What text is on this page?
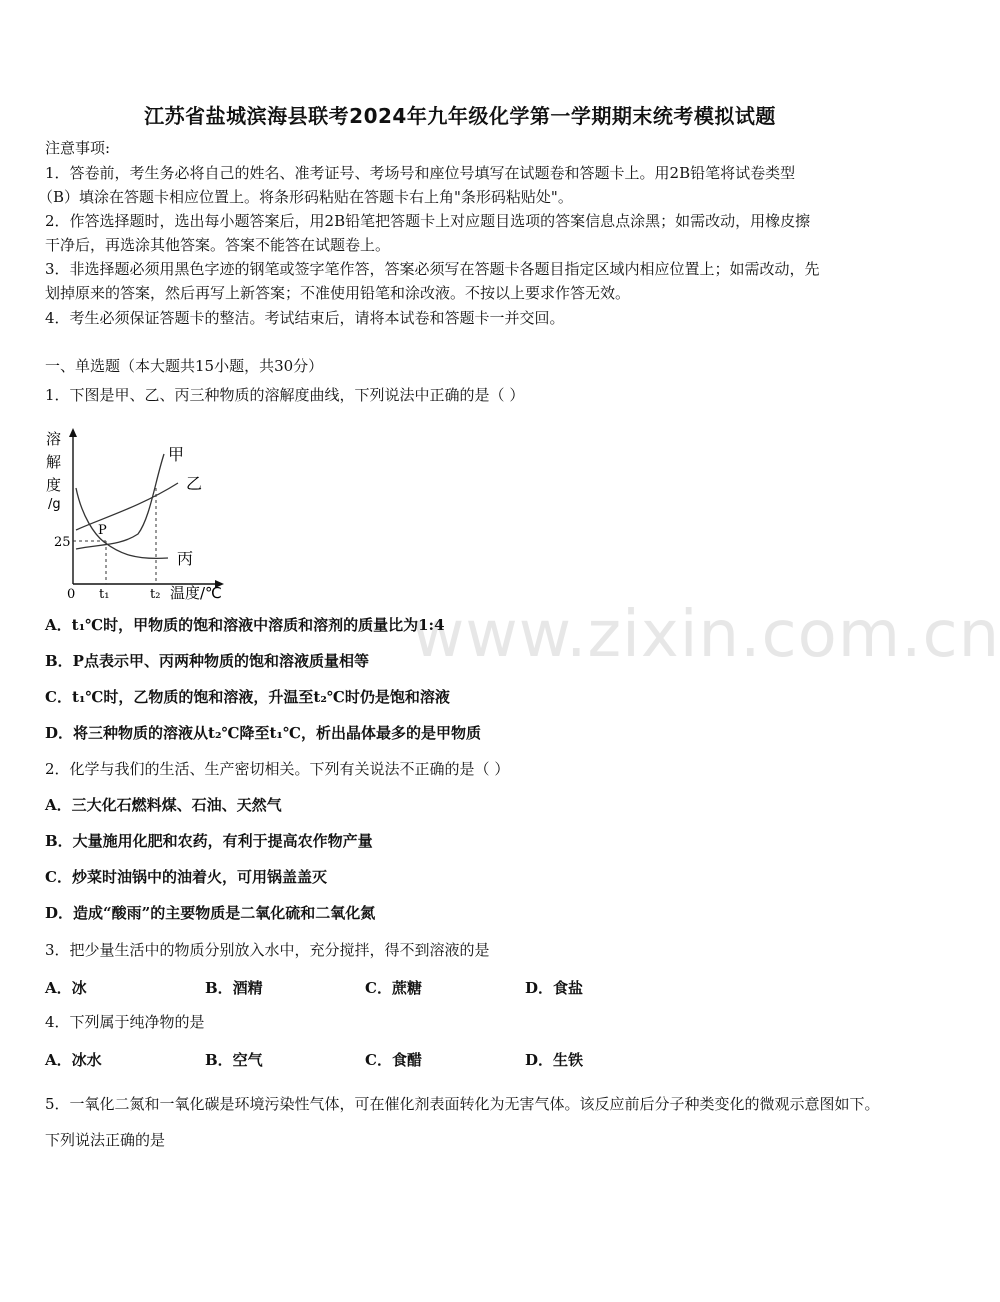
江苏省盐城滨海县联考2024年九年级化学第一学期期末统考模拟试题
注意事项:
1．答卷前，考生务必将自己的姓名、准考证号、考场号和座位号填写在试题卷和答题卡上。用2B铅笔将试卷类型
（B）填涂在答题卡相应位置上。将条形码粘贴在答题卡右上角"条形码粘贴处"。
2．作答选择题时，选出每小题答案后，用2B铅笔把答题卡上对应题目选项的答案信息点涂黑；如需改动，用橡皮擦
干净后，再选涂其他答案。答案不能答在试题卷上。
3．非选择题必须用黑色字迹的钢笔或签字笔作答，答案必须写在答题卡各题目指定区域内相应位置上；如需改动，先
划掉原来的答案，然后再写上新答案；不准使用铅笔和涂改液。不按以上要求作答无效。
4．考生必须保证答题卡的整洁。考试结束后，请将本试卷和答题卡一并交回。
一、单选题（本大题共15小题，共30分）
1．下图是甲、乙、丙三种物质的溶解度曲线，下列说法中正确的是（ ）
溶
解
度
/g
25
P
0 t₁	t₂ 温度/℃
甲
乙
丙
www.zixin.com.cn
A．t₁℃时，甲物质的饱和溶液中溶质和溶剂的质量比为1:4
B．P点表示甲、丙两种物质的饱和溶液质量相等
C．t₁℃时，乙物质的饱和溶液，升温至t₂℃时仍是饱和溶液
D．将三种物质的溶液从t₂℃降至t₁℃，析出晶体最多的是甲物质
2．化学与我们的生活、生产密切相关。下列有关说法不正确的是（ ）
A．三大化石燃料煤、石油、天然气
B．大量施用化肥和农药，有利于提高农作物产量
C．炒菜时油锅中的油着火，可用锅盖盖灭
D．造成“酸雨”的主要物质是二氧化硫和二氧化氮
3．把少量生活中的物质分别放入水中，充分搅拌，得不到溶液的是
A．冰	B．酒精	C．蔗糖	D．食盐
4．下列属于纯净物的是
A．冰水	B．空气	C．食醋	D．生铁
5．一氧化二氮和一氧化碳是环境污染性气体，可在催化剂表面转化为无害气体。该反应前后分子种类变化的微观示意图如下。下列说法正确的是
